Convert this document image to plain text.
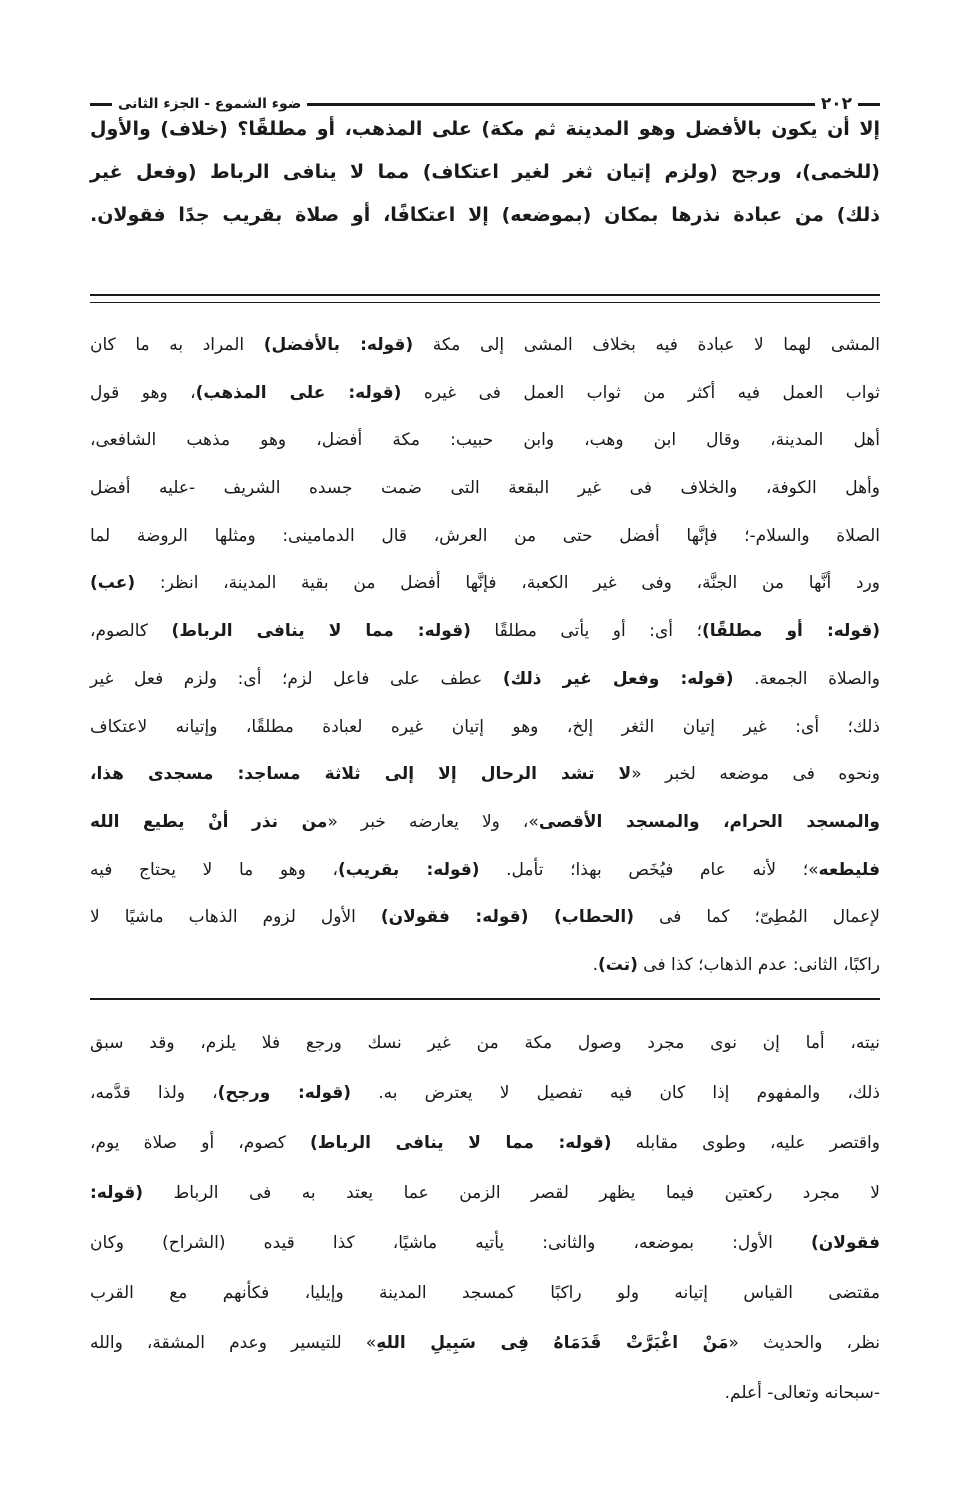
٢٠٢
ضوء الشموع - الجزء الثانى
إلا أن يكون بالأفضل وهو المدينة ثم مكة) على المذهب، أو مطلقًا؟ (خلاف) والأول
(للخمى)، ورجح (ولزم إتيان ثغر لغير اعتكاف) مما لا ينافى الرباط (وفعل غير
ذلك) من عبادة نذرها بمكان (بموضعه) إلا اعتكافًا، أو صلاة بقريب جدًا فقولان.
المشى لهما لا عبادة فيه بخلاف المشى إلى مكة (قوله: بالأفضل) المراد به ما كان
ثواب العمل فيه أكثر من ثواب العمل فى غيره (قوله: على المذهب)، وهو قول
أهل المدينة، وقال ابن وهب، وابن حبيب: مكة أفضل، وهو مذهب الشافعى،
وأهل الكوفة، والخلاف فى غير البقعة التى ضمت جسده الشريف -عليه أفضل
الصلاة والسلام-؛ فإنَّها أفضل حتى من العرش، قال الدمامينى: ومثلها الروضة لما
ورد أنَّها من الجنَّة، وفى غير الكعبة، فإنَّها أفضل من بقية المدينة، انظر: (عب)
(قوله: أو مطلقًا)؛ أى: أو يأتى مطلقًا (قوله: مما لا ينافى الرباط) كالصوم،
والصلاة الجمعة. (قوله: وفعل غير ذلك) عطف على فاعل لزم؛ أى: ولزم فعل غير
ذلك؛ أى: غير إتيان الثغر إلخ، وهو إتيان غيره لعبادة مطلقًا، وإتيانه لاعتكاف
ونحوه فى موضعه لخبر «لا تشد الرحال إلا إلى ثلاثة مساجد: مسجدى هذا،
والمسجد الحرام، والمسجد الأقصى»، ولا يعارضه خبر «من نذر أنْ يطيع الله
فليطعه»؛ لأنه عام فيُخَص بهذا؛ تأمل. (قوله: بقريب)، وهو ما لا يحتاج فيه
لإعمال المُطِىّ؛ كما فى (الحطاب) (قوله: فقولان) الأول لزوم الذهاب ماشيًا لا
راكبًا، الثانى: عدم الذهاب؛ كذا فى (تت).
نيته، أما إن نوى مجرد وصول مكة من غير نسك ورجع فلا يلزم، وقد سبق
ذلك، والمفهوم إذا كان فيه تفصيل لا يعترض به. (قوله: ورجح)، ولذا قدَّمه،
واقتصر عليه، وطوى مقابله (قوله: مما لا ينافى الرباط) كصوم، أو صلاة يوم،
لا مجرد ركعتين فيما يظهر لقصر الزمن عما يعتد به فى الرباط (قوله:
فقولان) الأول: بموضعه، والثانى: يأتيه ماشيًا، كذا قيده (الشراح) وكان
مقتضى القياس إتيانه ولو راكبًا كمسجد المدينة وإيليا، فكأنهم مع القرب
نظر، والحديث «مَنْ اغْبَرَّتْ قَدَمَاهُ فِى سَبِيلِ اللهِ» للتيسير وعدم المشقة، والله
-سبحانه وتعالى- أعلم.
